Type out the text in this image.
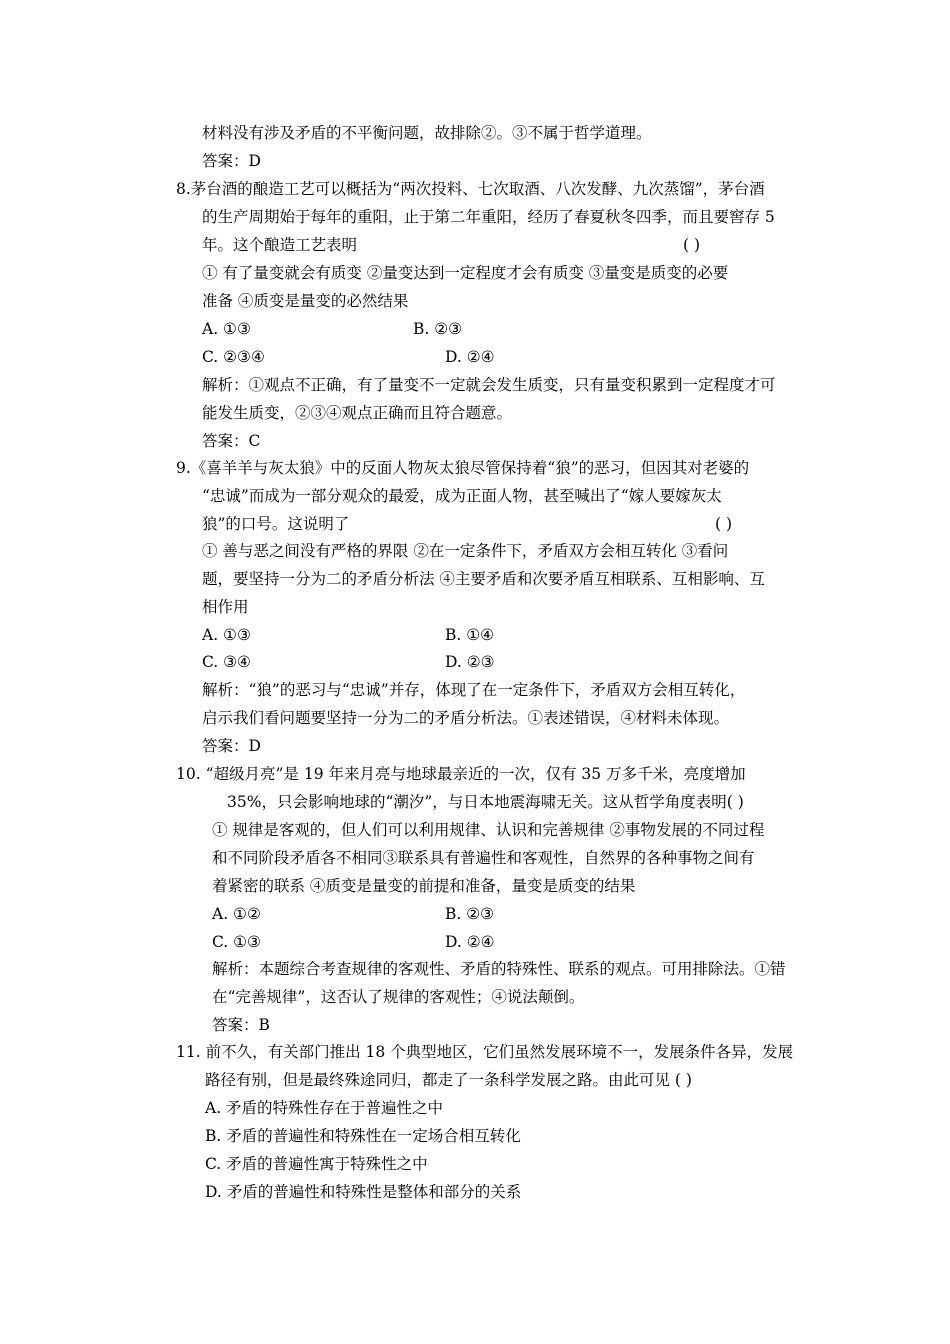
材料没有涉及矛盾的不平衡问题，故排除②。③不属于哲学道理。
答案：D
8.茅台酒的酿造工艺可以概括为“两次投料、七次取酒、八次发酵、九次蒸馏”，茅台酒
的生产周期始于每年的重阳，止于第二年重阳，经历了春夏秋冬四季，而且要窖存 5
年。这个酿造工艺表明	( )
① 有了量变就会有质变 ②量变达到一定程度才会有质变 ③量变是质变的必要
准备 ④质变是量变的必然结果
A. ①③	B. ②③
C. ②③④	D. ②④
解析：①观点不正确，有了量变不一定就会发生质变，只有量变积累到一定程度才可
能发生质变，②③④观点正确而且符合题意。
答案：C
9.《喜羊羊与灰太狼》中的反面人物灰太狼尽管保持着“狼”的恶习，但因其对老婆的
“忠诚”而成为一部分观众的最爱，成为正面人物，甚至喊出了“嫁人要嫁灰太
狼”的口号。这说明了	( )
① 善与恶之间没有严格的界限 ②在一定条件下，矛盾双方会相互转化 ③看问
题，要坚持一分为二的矛盾分析法 ④主要矛盾和次要矛盾互相联系、互相影响、互
相作用
A. ①③	B. ①④
C. ③④	D. ②③
解析：“狼”的恶习与“忠诚”并存，体现了在一定条件下，矛盾双方会相互转化，
启示我们看问题要坚持一分为二的矛盾分析法。①表述错误，④材料未体现。
答案：D
10. “超级月亮”是 19 年来月亮与地球最亲近的一次，仅有 35 万多千米，亮度增加
35%，只会影响地球的“潮汐”，与日本地震海啸无关。这从哲学角度表明( )
① 规律是客观的，但人们可以利用规律、认识和完善规律 ②事物发展的不同过程
和不同阶段矛盾各不相同③联系具有普遍性和客观性，自然界的各种事物之间有
着紧密的联系 ④质变是量变的前提和准备，量变是质变的结果
A. ①②	B. ②③
C. ①③	D. ②④
解析：本题综合考查规律的客观性、矛盾的特殊性、联系的观点。可用排除法。①错
在“完善规律”，这否认了规律的客观性；④说法颠倒。
答案：B
11. 前不久，有关部门推出 18 个典型地区，它们虽然发展环境不一，发展条件各异，发展
路径有别，但是最终殊途同归，都走了一条科学发展之路。由此可见 ( )
A. 矛盾的特殊性存在于普遍性之中
B. 矛盾的普遍性和特殊性在一定场合相互转化
C. 矛盾的普遍性寓于特殊性之中
D. 矛盾的普遍性和特殊性是整体和部分的关系
